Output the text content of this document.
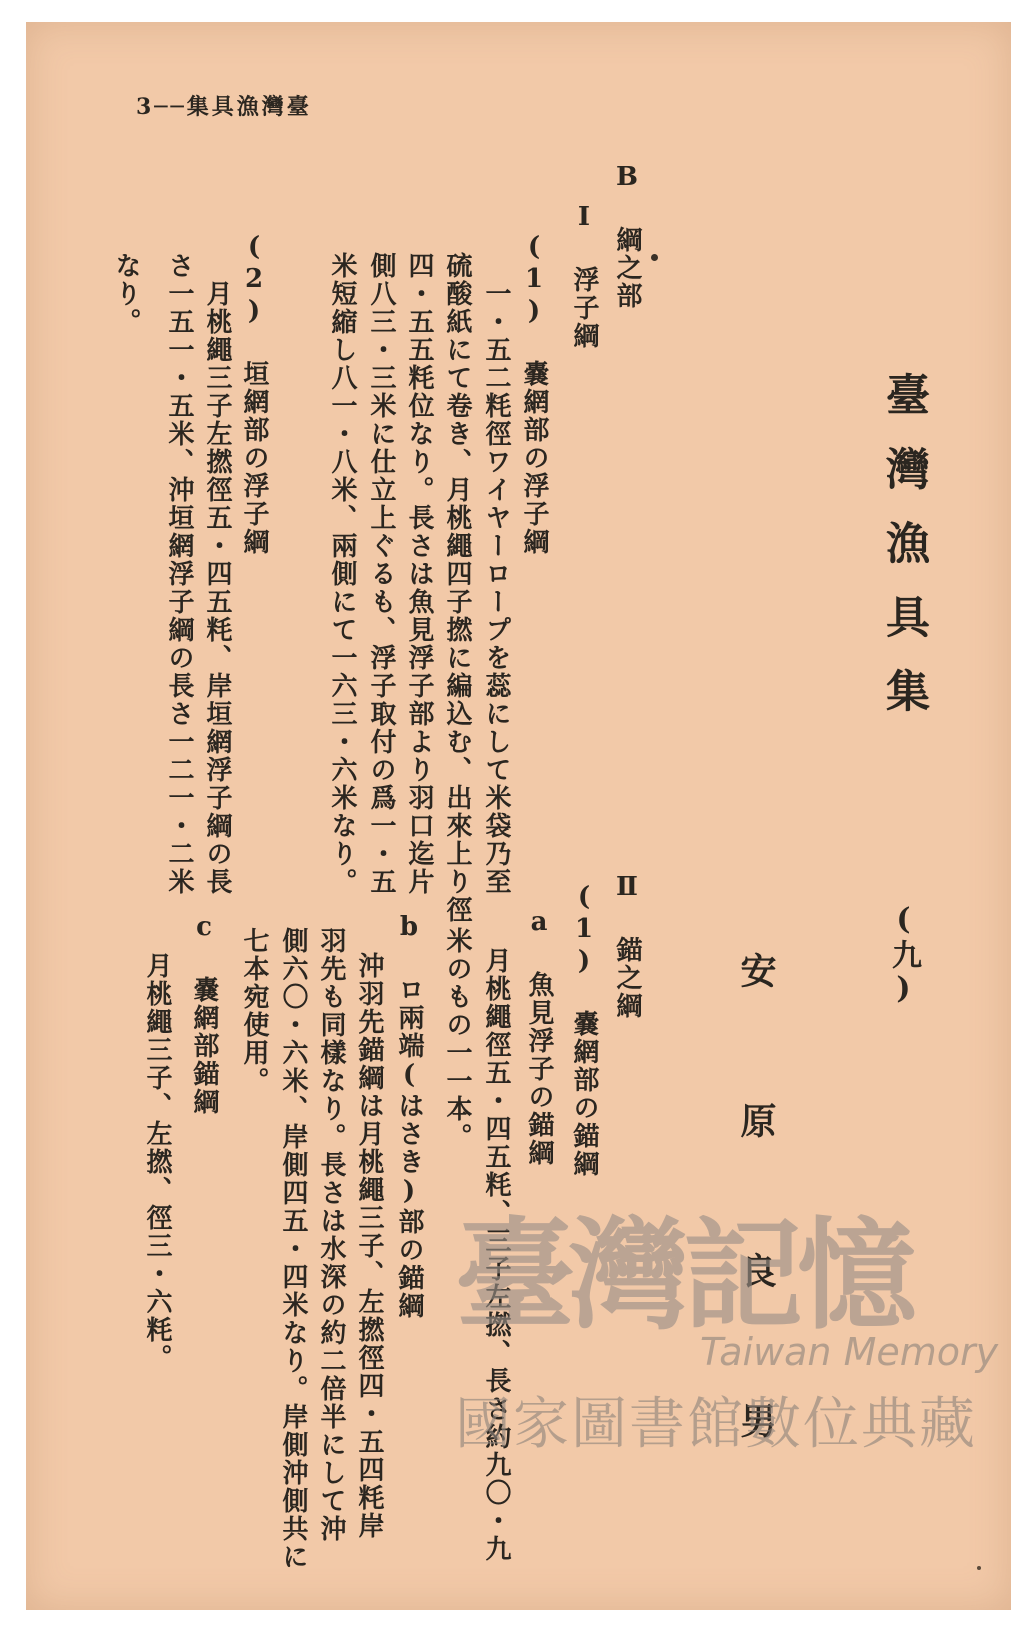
3──集具漁灣臺
臺灣漁具集
(九)
安 原 良 男
B 綱之部
Ⅰ 浮子綱
(1) 嚢網部の浮子綱
一・五二粍徑ワイヤーロープを蕊にして米袋乃至
硫酸紙にて卷き、月桃繩四子撚に編込む、出來上り徑
四・五五粍位なり。長さは魚見浮子部より羽口迄片
側八三・三米に仕立上ぐるも、浮子取付の爲一・五
米短縮し八一・八米、兩側にて一六三・六米なり。
(2) 垣網部の浮子綱
月桃繩三子左撚徑五・四五粍、岸垣網浮子綱の長
さ一五一・五米、沖垣網浮子綱の長さ一二一・二米
なり。
Ⅱ 錨之綱
(1) 嚢網部の錨綱
a 魚見浮子の錨綱
月桃繩徑五・四五粍、三子左撚、長さ約九〇・九
米のもの一一本。
b ロ兩端(はさき)部の錨綱
沖羽先錨綱は月桃繩三子、左撚徑四・五四粍岸
羽先も同樣なり。長さは水深の約二倍半にして沖
側六〇・六米、岸側四五・四米なり。岸側沖側共に
七本宛使用。
c 嚢網部錨綱
月桃繩三子、左撚、徑三・六粍。 臺灣記憶
Taiwan Memory
國家圖書館數位典藏
